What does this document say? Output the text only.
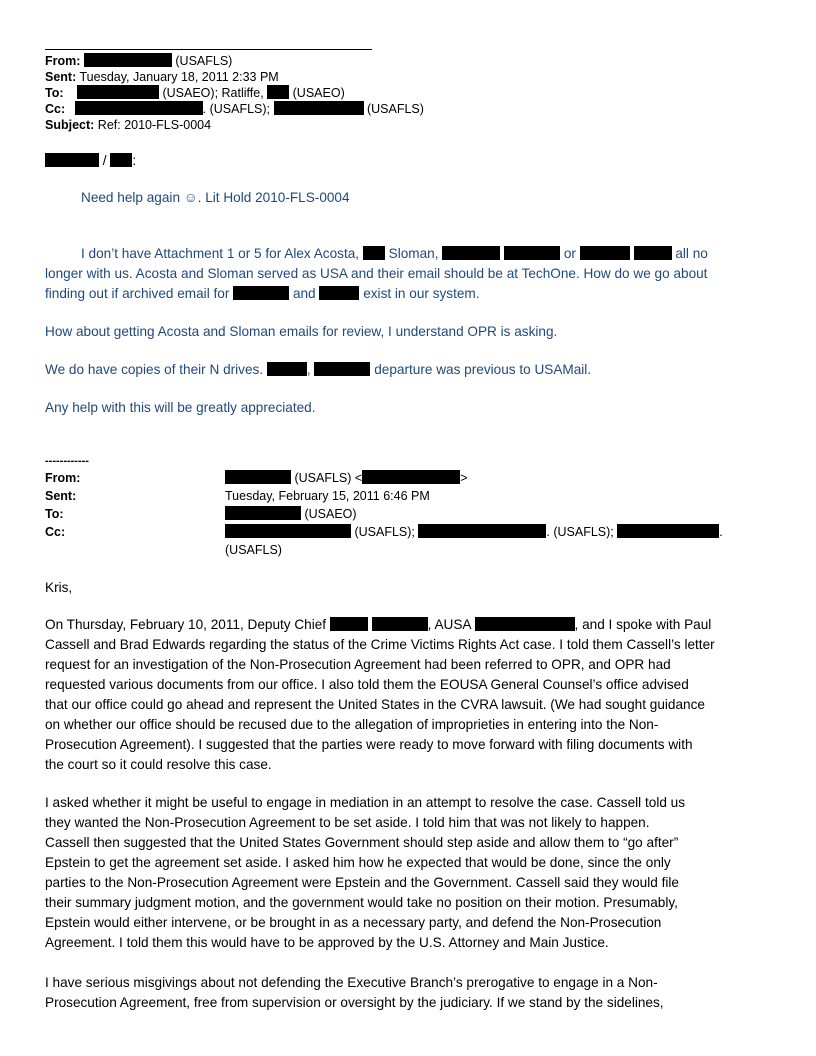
From:	(USAFLS)
Sent: Tuesday, January 18, 2011 2:33 PM
To:	(USAEO); Ratliffe, (USAEO)
Cc:	. (USAFLS);	(USAFLS)
Subject: Ref: 2010-FLS-0004
/ :
Need help again ☺. Lit Hold 2010-FLS-0004
I don’t have Attachment 1 or 5 for Alex Acosta, Sloman,	or	all no
longer with us. Acosta and Sloman served as USA and their email should be at TechOne. How do we go about
finding out if archived email for	and	exist in our system.
How about getting Acosta and Sloman emails for review, I understand OPR is asking.
We do have copies of their N drives.	,	departure was previous to USAMail.
Any help with this will be greatly appreciated.
------------
From:	(USAFLS) <	>
Sent:	Tuesday, February 15, 2011 6:46 PM
To:	(USAEO)
Cc:	(USAFLS);	. (USAFLS);	.
(USAFLS)
Kris,
On Thursday, February 10, 2011, Deputy Chief	, AUSA	, and I spoke with Paul
Cassell and Brad Edwards regarding the status of the Crime Victims Rights Act case. I told them Cassell’s letter
request for an investigation of the Non-Prosecution Agreement had been referred to OPR, and OPR had
requested various documents from our office. I also told them the EOUSA General Counsel’s office advised
that our office could go ahead and represent the United States in the CVRA lawsuit. (We had sought guidance
on whether our office should be recused due to the allegation of improprieties in entering into the Non-
Prosecution Agreement). I suggested that the parties were ready to move forward with filing documents with
the court so it could resolve this case.
I asked whether it might be useful to engage in mediation in an attempt to resolve the case. Cassell told us
they wanted the Non-Prosecution Agreement to be set aside. I told him that was not likely to happen.
Cassell then suggested that the United States Government should step aside and allow them to “go after”
Epstein to get the agreement set aside. I asked him how he expected that would be done, since the only
parties to the Non-Prosecution Agreement were Epstein and the Government. Cassell said they would file
their summary judgment motion, and the government would take no position on their motion. Presumably,
Epstein would either intervene, or be brought in as a necessary party, and defend the Non-Prosecution
Agreement. I told them this would have to be approved by the U.S. Attorney and Main Justice.
I have serious misgivings about not defending the Executive Branch’s prerogative to engage in a Non-
Prosecution Agreement, free from supervision or oversight by the judiciary. If we stand by the sidelines,
